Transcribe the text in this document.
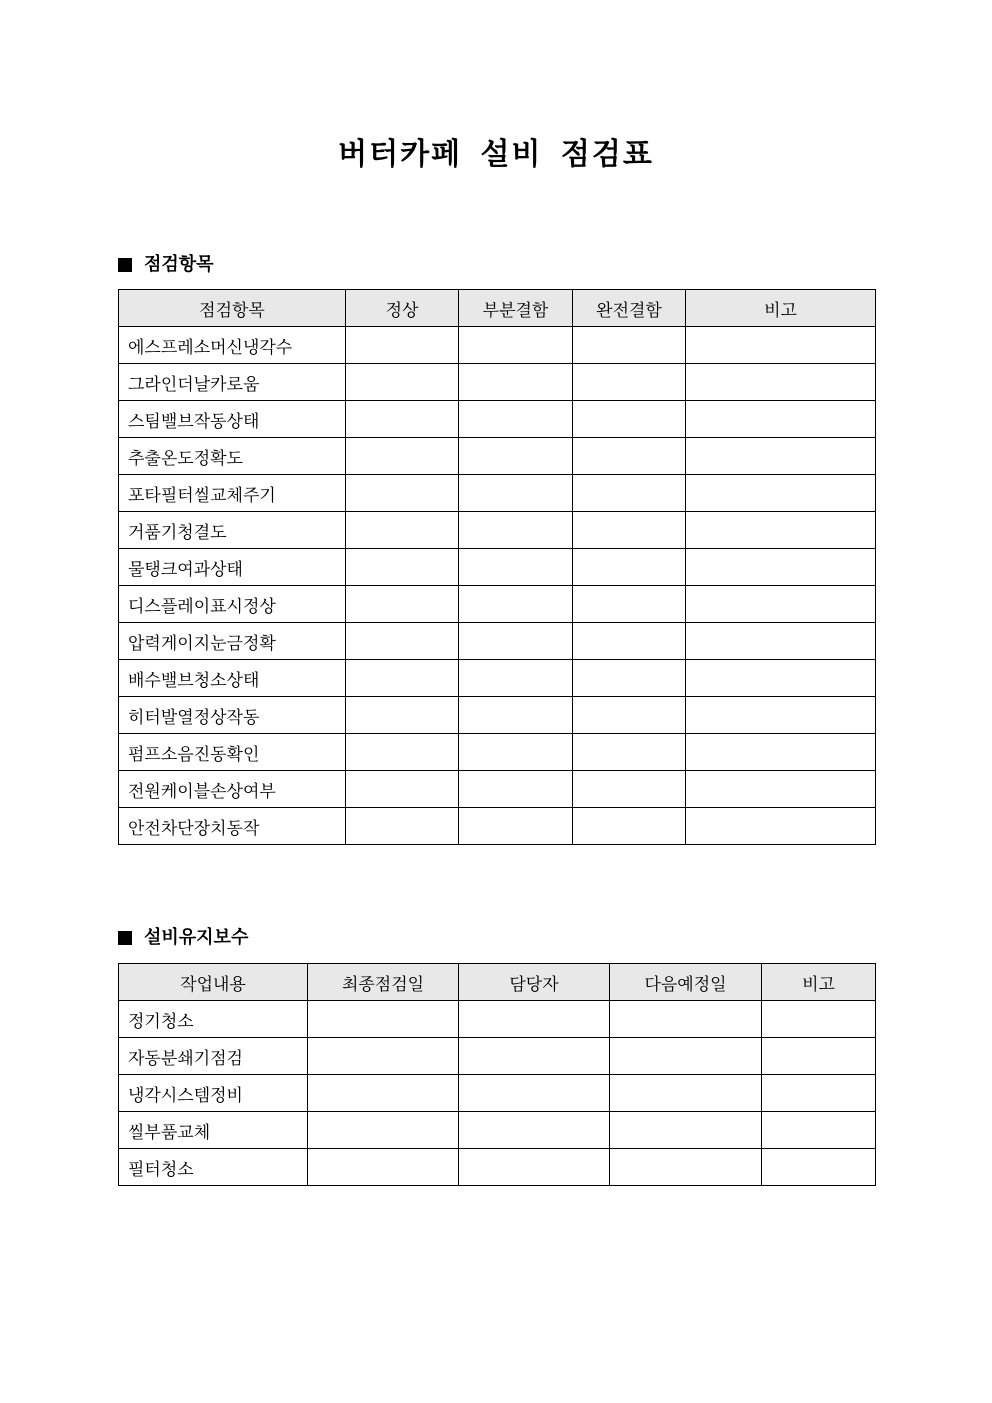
버터카페 설비 점검표
점검항목
점검항목	정상	부분결함	완전결함	비고
에스프레소머신냉각수				
그라인더날카로움				
스팀밸브작동상태				
추출온도정확도				
포타필터씰교체주기				
거품기청결도				
물탱크여과상태				
디스플레이표시정상				
압력게이지눈금정확				
배수밸브청소상태				
히터발열정상작동				
펌프소음진동확인				
전원케이블손상여부				
안전차단장치동작				
설비유지보수
작업내용	최종점검일	담당자	다음예정일	비고
정기청소				
자동분쇄기점검				
냉각시스템정비				
씰부품교체				
필터청소				
